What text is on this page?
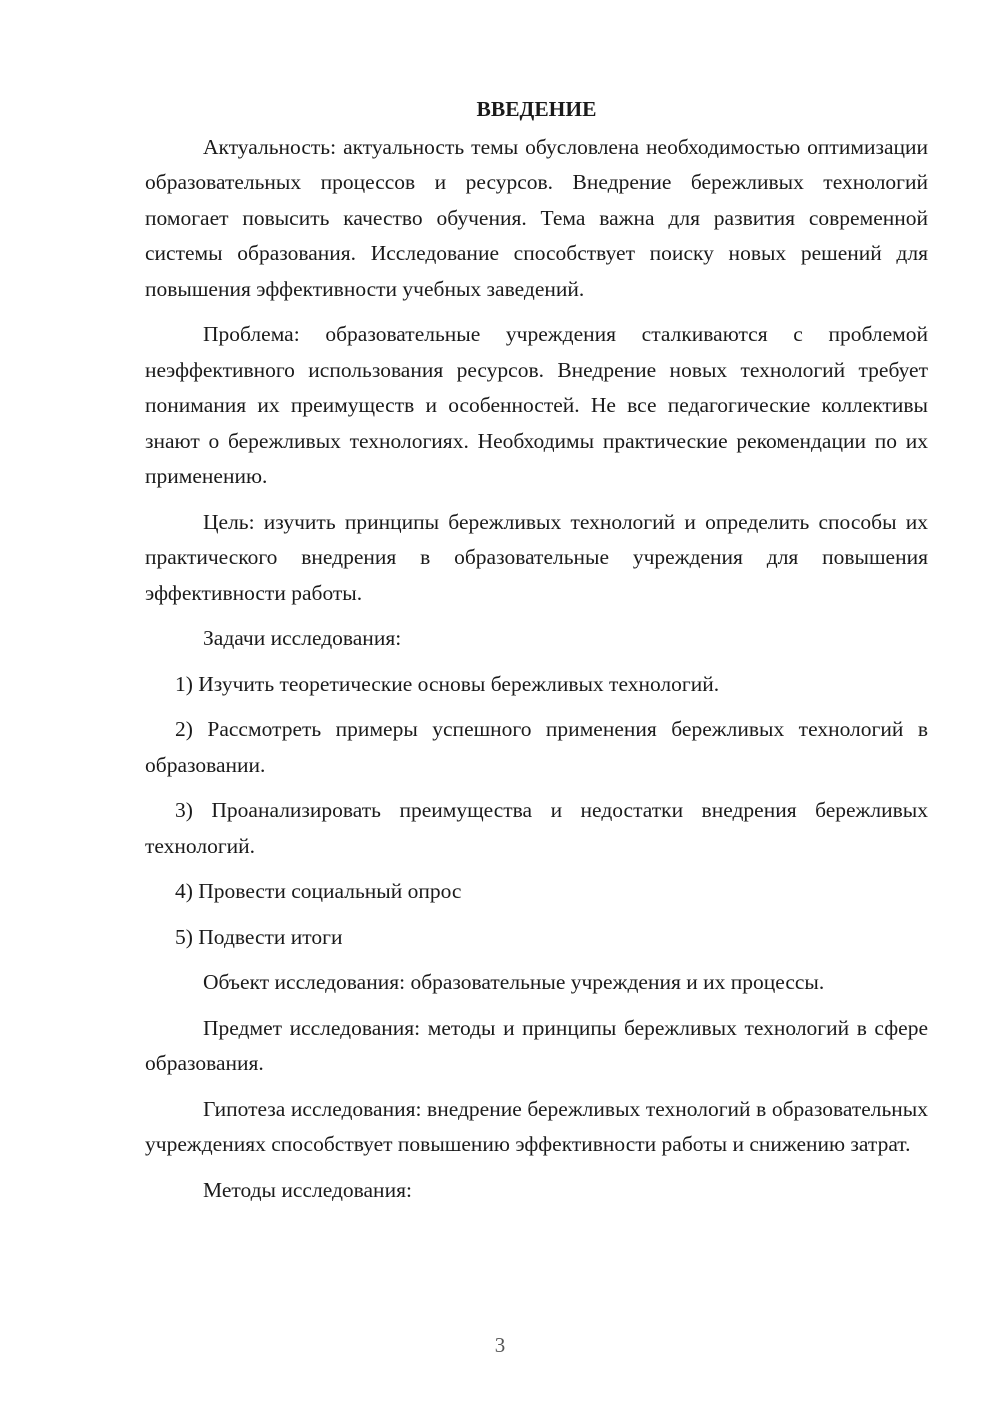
ВВЕДЕНИЕ
Актуальность: актуальность темы обусловлена необходимостью оптимизации образовательных процессов и ресурсов. Внедрение бережливых технологий помогает повысить качество обучения. Тема важна для развития современной системы образования. Исследование способствует поиску новых решений для повышения эффективности учебных заведений.
Проблема: образовательные учреждения сталкиваются с проблемой неэффективного использования ресурсов. Внедрение новых технологий требует понимания их преимуществ и особенностей. Не все педагогические коллективы знают о бережливых технологиях. Необходимы практические рекомендации по их применению.
Цель: изучить принципы бережливых технологий и определить способы их практического внедрения в образовательные учреждения для повышения эффективности работы.
Задачи исследования:
1) Изучить теоретические основы бережливых технологий.
2) Рассмотреть примеры успешного применения бережливых технологий в образовании.
3) Проанализировать преимущества и недостатки внедрения бережливых технологий.
4) Провести социальный опрос
5) Подвести итоги
Объект исследования: образовательные учреждения и их процессы.
Предмет исследования: методы и принципы бережливых технологий в сфере образования.
Гипотеза исследования: внедрение бережливых технологий в образовательных учреждениях способствует повышению эффективности работы и снижению затрат.
Методы исследования:
3
